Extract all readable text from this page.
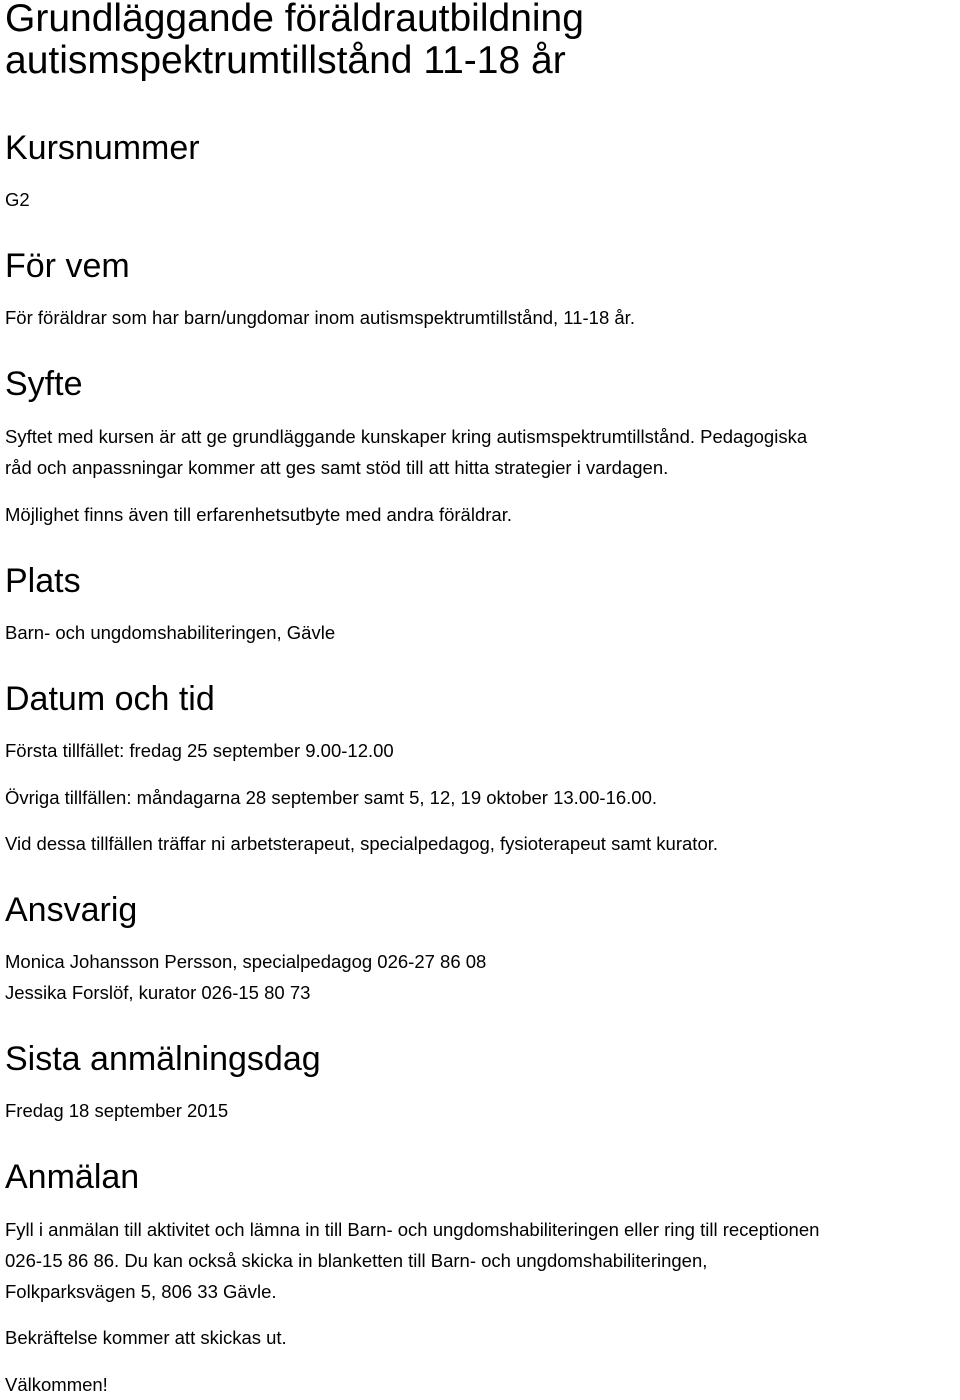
Grundläggande föräldrautbildning
autismspektrumtillstånd 11-18 år
Kursnummer

G2

För vem

För föräldrar som har barn/ungdomar inom autismspektrumtillstånd, 11-18 år.

Syfte

Syftet med kursen är att ge grundläggande kunskaper kring autismspektrumtillstånd. Pedagogiska

råd och anpassningar kommer att ges samt stöd till att hitta strategier i vardagen.

Möjlighet finns även till erfarenhetsutbyte med andra föräldrar.

Plats

Barn- och ungdomshabiliteringen, Gävle

Datum och tid

Första tillfället: fredag 25 september 9.00-12.00

Övriga tillfällen: måndagarna 28 september samt 5, 12, 19 oktober 13.00-16.00.

Vid dessa tillfällen träffar ni arbetsterapeut, specialpedagog, fysioterapeut samt kurator.

Ansvarig

Monica Johansson Persson, specialpedagog 026-27 86 08

Jessika Forslöf, kurator 026-15 80 73

Sista anmälningsdag

Fredag 18 september 2015

Anmälan

Fyll i anmälan till aktivitet och lämna in till Barn- och ungdomshabiliteringen eller ring till receptionen

026-15 86 86. Du kan också skicka in blanketten till Barn- och ungdomshabiliteringen,

Folkparksvägen 5, 806 33 Gävle.

Bekräftelse kommer att skickas ut.

Välkommen!
